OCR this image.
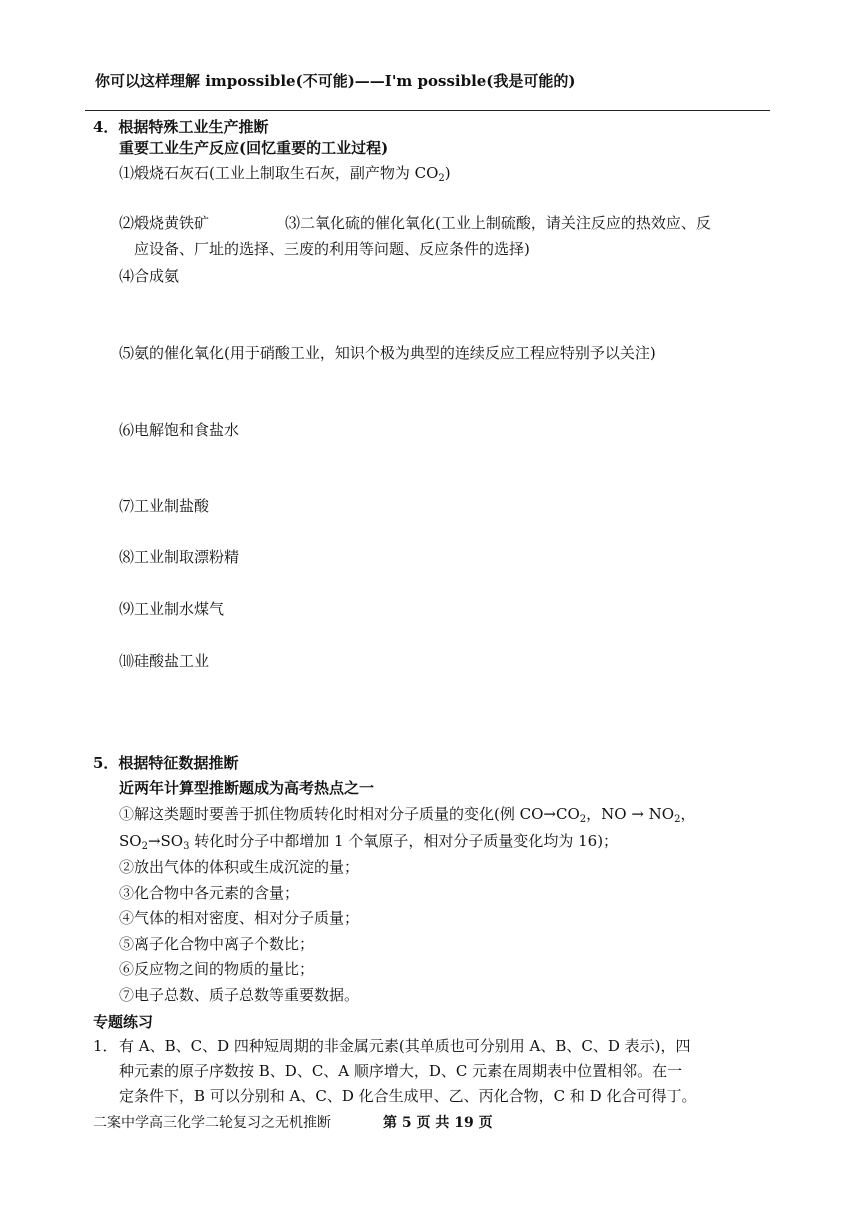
你可以这样理解 impossible(不可能)——I'm possible(我是可能的)
4．根据特殊工业生产推断
重要工业生产反应(回忆重要的工业过程)
⑴煅烧石灰石(工业上制取生石灰，副产物为 $CO_2$)
⑵煅烧黄铁矿	⑶二氧化硫的催化氧化(工业上制硫酸，请关注反应的热效应、反
应设备、厂址的选择、三废的利用等问题、反应条件的选择)
⑷合成氨
⑸氨的催化氧化(用于硝酸工业，知识个极为典型的连续反应工程应特别予以关注)
⑹电解饱和食盐水
⑺工业制盐酸
⑻工业制取漂粉精
⑼工业制水煤气
⑽硅酸盐工业
5．根据特征数据推断
近两年计算型推断题成为高考热点之一
①解这类题时要善于抓住物质转化时相对分子质量的变化(例 $CO\to CO_2$，NO → $NO_2$，
$SO_2\to SO_3$ 转化时分子中都增加 1 个氧原子，相对分子质量变化均为 16)；
②放出气体的体积或生成沉淀的量；
③化合物中各元素的含量；
④气体的相对密度、相对分子质量；
⑤离子化合物中离子个数比；
⑥反应物之间的物质的量比；
⑦电子总数、质子总数等重要数据。
专题练习
1． 有 A、B、C、D 四种短周期的非金属元素(其单质也可分别用 A、B、C、D 表示)，四
种元素的原子序数按 B、D、C、A 顺序增大，D、C 元素在周期表中位置相邻。在一
定条件下，B 可以分别和 A、C、D 化合生成甲、乙、丙化合物，C 和 D 化合可得丁。
二案中学高三化学二轮复习之无机推断	第 5 页 共 19 页
